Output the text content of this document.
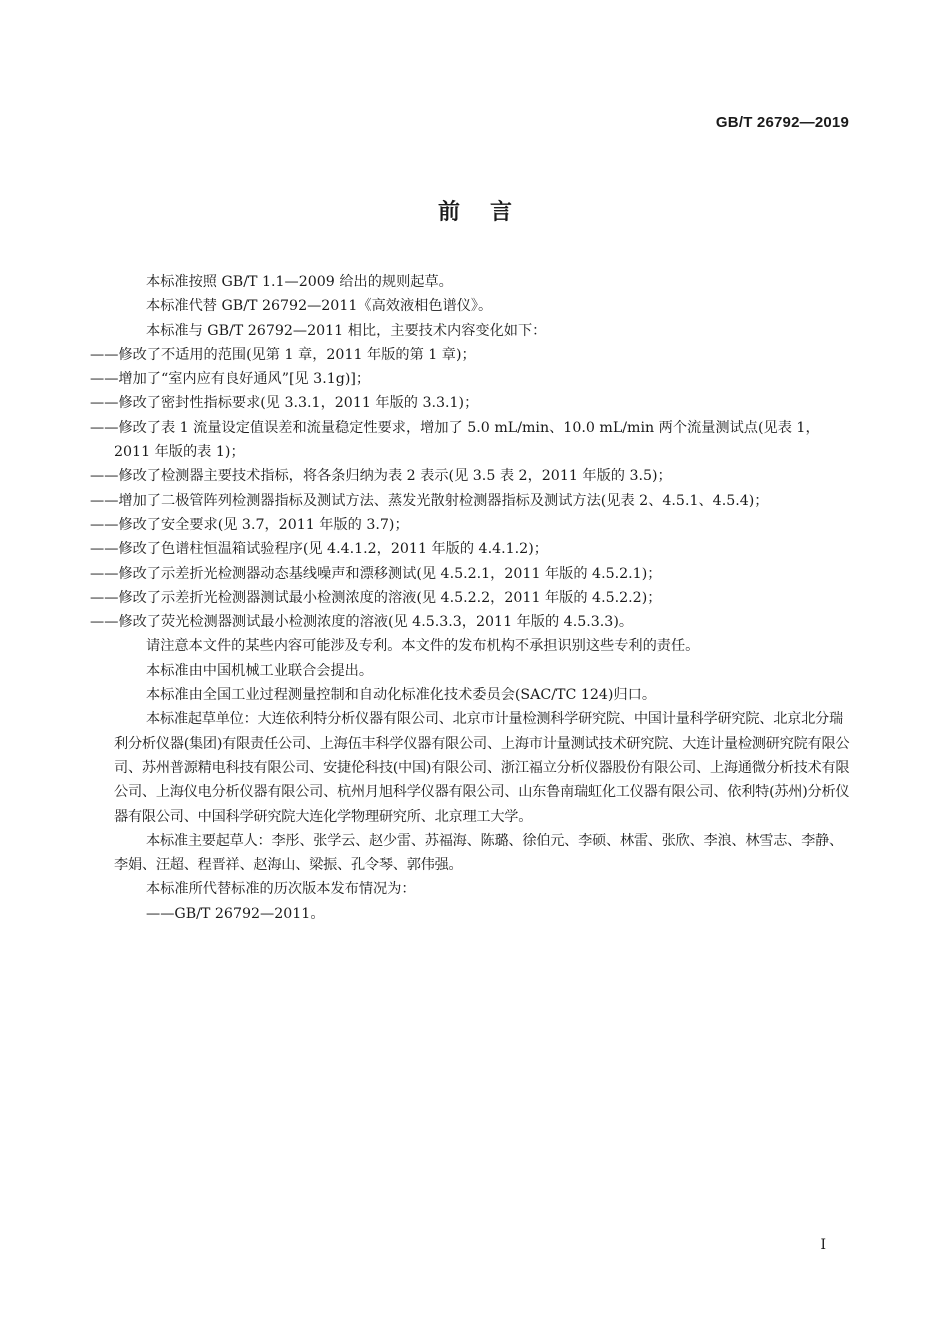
GB/T 26792—2019
前言

本标准按照 GB/T 1.1—2009 给出的规则起草。

本标准代替 GB/T 26792—2011《高效液相色谱仪》。

本标准与 GB/T 26792—2011 相比，主要技术内容变化如下：

——修改了不适用的范围(见第 1 章，2011 年版的第 1 章)；

——增加了“室内应有良好通风”[见 3.1g)]；

——修改了密封性指标要求(见 3.3.1，2011 年版的 3.3.1)；

——修改了表 1 流量设定值误差和流量稳定性要求，增加了 5.0 mL/min、10.0 mL/min 两个流量测试点(见表 1，2011 年版的表 1)；

——修改了检测器主要技术指标，将各条归纳为表 2 表示(见 3.5 表 2，2011 年版的 3.5)；

——增加了二极管阵列检测器指标及测试方法、蒸发光散射检测器指标及测试方法(见表 2、4.5.1、4.5.4)；

——修改了安全要求(见 3.7，2011 年版的 3.7)；

——修改了色谱柱恒温箱试验程序(见 4.4.1.2，2011 年版的 4.4.1.2)；

——修改了示差折光检测器动态基线噪声和漂移测试(见 4.5.2.1，2011 年版的 4.5.2.1)；

——修改了示差折光检测器测试最小检测浓度的溶液(见 4.5.2.2，2011 年版的 4.5.2.2)；

——修改了荧光检测器测试最小检测浓度的溶液(见 4.5.3.3，2011 年版的 4.5.3.3)。

请注意本文件的某些内容可能涉及专利。本文件的发布机构不承担识别这些专利的责任。

本标准由中国机械工业联合会提出。

本标准由全国工业过程测量控制和自动化标准化技术委员会(SAC/TC 124)归口。

本标准起草单位：大连依利特分析仪器有限公司、北京市计量检测科学研究院、中国计量科学研究院、北京北分瑞利分析仪器(集团)有限责任公司、上海伍丰科学仪器有限公司、上海市计量测试技术研究院、大连计量检测研究院有限公司、苏州普源精电科技有限公司、安捷伦科技(中国)有限公司、浙江福立分析仪器股份有限公司、上海通微分析技术有限公司、上海仪电分析仪器有限公司、杭州月旭科学仪器有限公司、山东鲁南瑞虹化工仪器有限公司、依利特(苏州)分析仪器有限公司、中国科学研究院大连化学物理研究所、北京理工大学。

本标准主要起草人：李彤、张学云、赵少雷、苏福海、陈璐、徐伯元、李硕、林雷、张欣、李浪、林雪志、李静、李娟、汪超、程晋祥、赵海山、梁振、孔令琴、郭伟强。

本标准所代替标准的历次版本发布情况为：

——GB/T 26792—2011。

I
